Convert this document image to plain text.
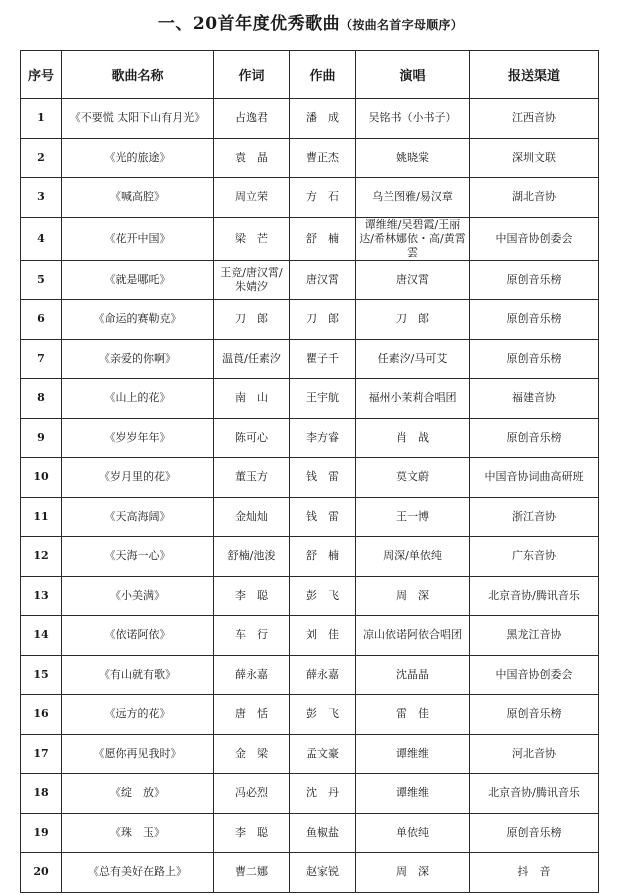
一、20首年度优秀歌曲（按曲名首字母顺序）
序号	歌曲名称	作词	作曲	演唱	报送渠道
1	《不要慌 太阳下山有月光》	占逸君	潘　成	吴铭书（小书子）	江西音协
2	《光的旅途》	袁　晶	曹正杰	姚晓棠	深圳文联
3	《喊高腔》	周立荣	方　石	乌兰图雅/易汉章	湖北音协
4	《花开中国》	梁　芒	舒　楠	谭维维/吴碧霞/王丽达/希林娜依・高/黄霄雲	中国音协创委会
5	《就是哪吒》	王竞/唐汉霄/朱婧汐	唐汉霄	唐汉霄	原创音乐榜
6	《命运的赛勒克》	刀　郎	刀　郎	刀　郎	原创音乐榜
7	《亲爱的你啊》	温莨/任素汐	瞿子千	任素汐/马可艾	原创音乐榜
8	《山上的花》	南　山	王宇航	福州小茉莉合唱团	福建音协
9	《岁岁年年》	陈可心	李方睿	肖　战	原创音乐榜
10	《岁月里的花》	董玉方	钱　雷	莫文蔚	中国音协词曲高研班
11	《天高海阔》	金灿灿	钱　雷	王一博	浙江音协
12	《天海一心》	舒楠/池浚	舒　楠	周深/单依纯	广东音协
13	《小美满》	李　聪	彭　飞	周　深	北京音协/腾讯音乐
14	《依诺阿依》	车　行	刘　佳	凉山依诺阿依合唱团	黑龙江音协
15	《有山就有歌》	薛永嘉	薛永嘉	沈晶晶	中国音协创委会
16	《远方的花》	唐　恬	彭　飞	雷　佳	原创音乐榜
17	《愿你再见我时》	金　梁	孟文豪	谭维维	河北音协
18	《绽　放》	冯必烈	沈　丹	谭维维	北京音协/腾讯音乐
19	《珠　玉》	李　聪	鱼椒盐	单依纯	原创音乐榜
20	《总有美好在路上》	曹二娜	赵家锐	周　深	抖　音
